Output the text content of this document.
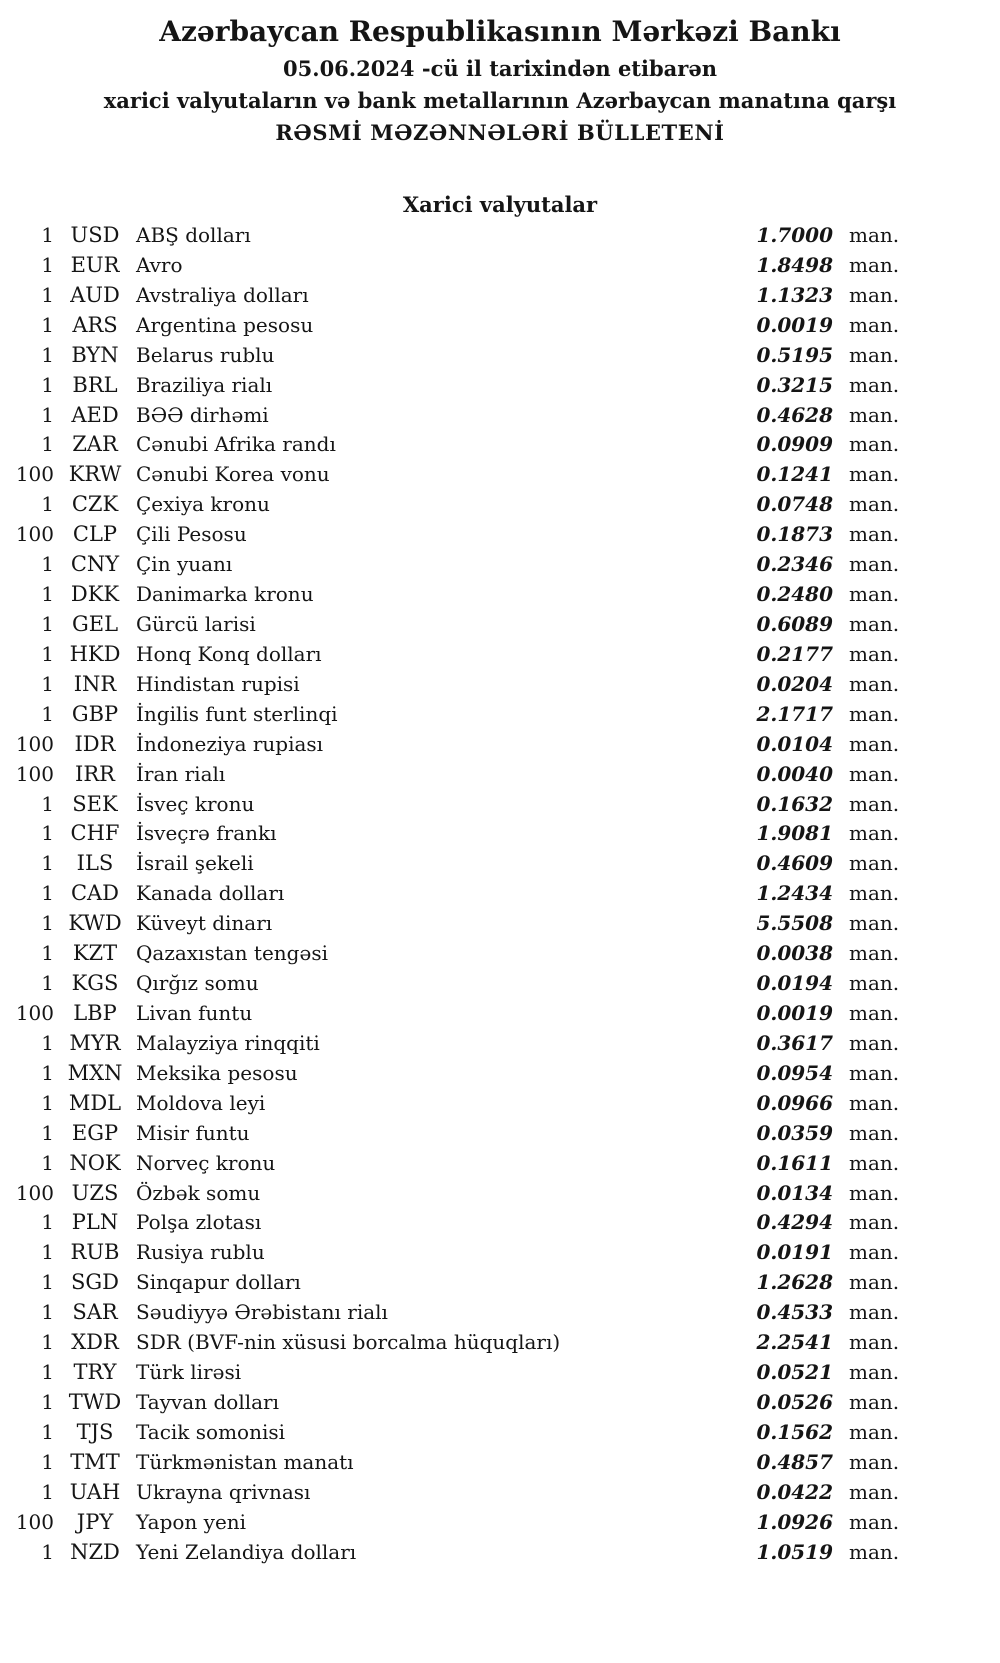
Azərbaycan Respublikasının Mərkəzi Bankı
05.06.2024 -cü il tarixindən etibarən
xarici valyutaların və bank metallarının Azərbaycan manatına qarşı
RƏSMİ MƏZƏNNƏLƏRİ BÜLLETENİ
Xarici valyutalar
1 USD ABŞ dolları	1.7000 man.
1 EUR Avro	1.8498 man.
1 AUD Avstraliya dolları	1.1323 man.
1 ARS Argentina pesosu	0.0019 man.
1 BYN Belarus rublu	0.5195 man.
1 BRL Braziliya rialı	0.3215 man.
1 AED BƏƏ dirhəmi	0.4628 man.
1 ZAR Cənubi Afrika randı	0.0909 man.
100 KRW Cənubi Korea vonu	0.1241 man.
1 CZK Çexiya kronu	0.0748 man.
100 CLP Çili Pesosu	0.1873 man.
1 CNY Çin yuanı	0.2346 man.
1 DKK Danimarka kronu	0.2480 man.
1 GEL Gürcü larisi	0.6089 man.
1 HKD Honq Konq dolları	0.2177 man.
1 INR Hindistan rupisi	0.0204 man.
1 GBP İngilis funt sterlinqi	2.1717 man.
100 IDR	İndoneziya rupiası	0.0104 man.
100	IRR	İran rialı	0.0040 man.
1 SEK İsveç kronu	0.1632 man.
1 CHF İsveçrə frankı	1.9081 man.
1	ILS	İsrail şekeli	0.4609 man.
1 CAD Kanada dolları	1.2434 man.
1 KWD Küveyt dinarı	5.5508 man.
1 KZT Qazaxıstan tengəsi	0.0038 man.
1 KGS Qırğız somu	0.0194 man.
100 LBP Livan funtu	0.0019 man.
1 MYR Malayziya rinqqiti	0.3617 man.
1 MXN Meksika pesosu	0.0954 man.
1 MDL Moldova leyi	0.0966 man.
1 EGP Misir funtu	0.0359 man.
1 NOK Norveç kronu	0.1611 man.
100 UZS Özbək somu	0.0134 man.
1 PLN Polşa zlotası	0.4294 man.
1 RUB Rusiya rublu	0.0191 man.
1 SGD Sinqapur dolları	1.2628 man.
1 SAR Səudiyyə Ərəbistanı rialı	0.4533 man.
1 XDR SDR (BVF-nin xüsusi borcalma hüquqları)	2.2541 man.
1 TRY Türk lirəsi	0.0521 man.
1 TWD Tayvan dolları	0.0526 man.
1	TJS	Tacik somonisi	0.1562 man.
1 TMT Türkmənistan manatı	0.4857 man.
1 UAH Ukrayna qrivnası	0.0422 man.
100	JPY	Yapon yeni	1.0926 man.
1 NZD Yeni Zelandiya dolları	1.0519 man.
